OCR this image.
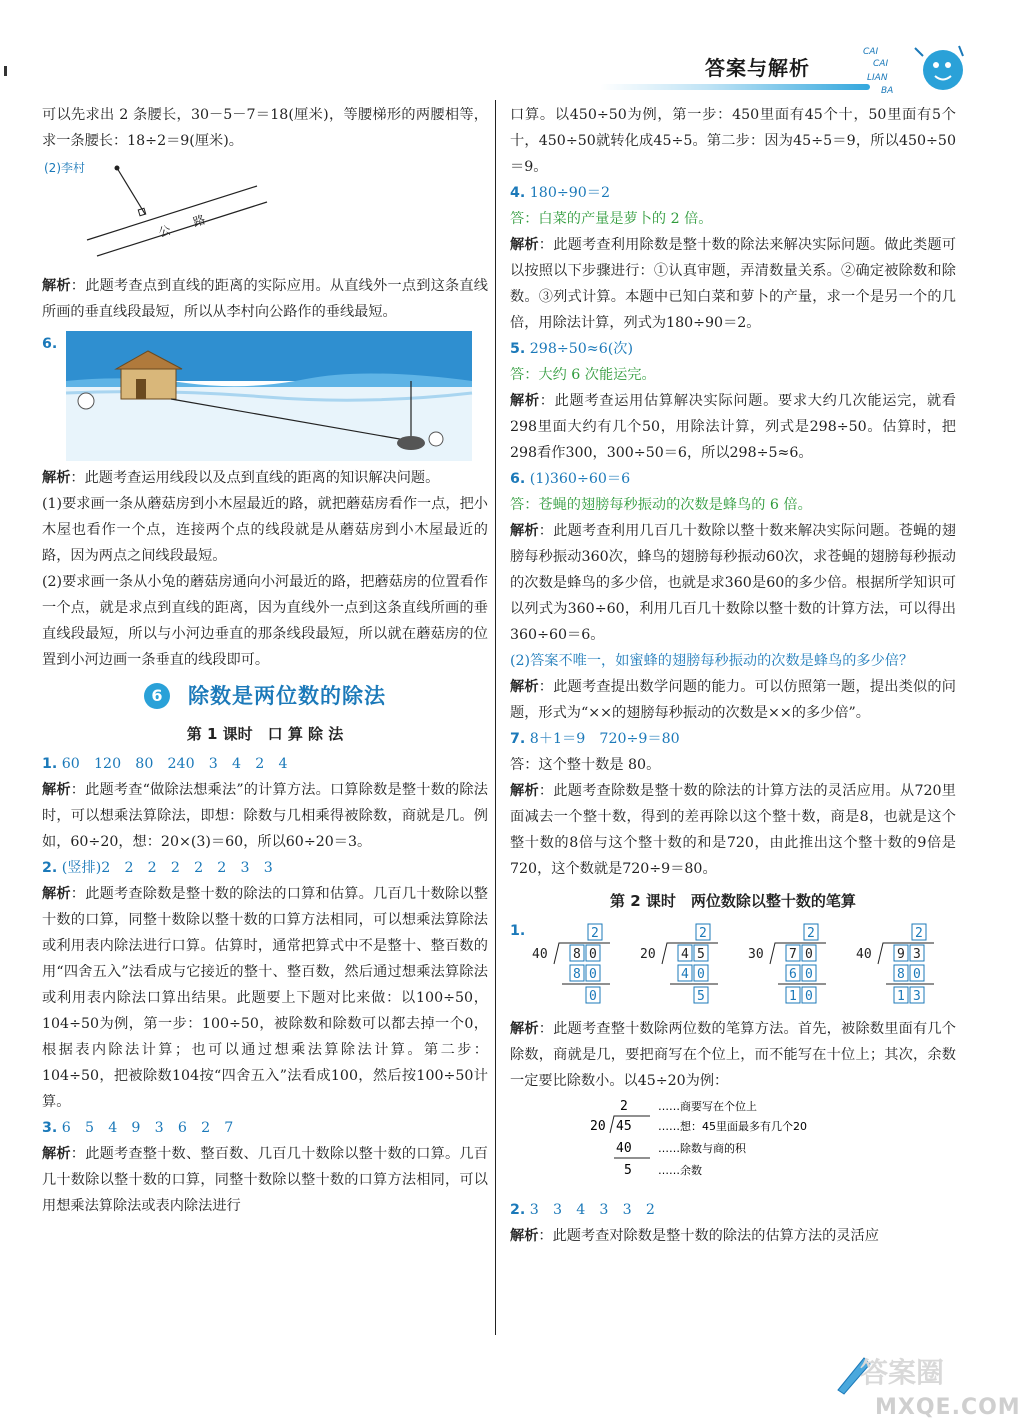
答案与解析
CAI
CAI
LIAN
BA

可以先求出 2 条腰长，30－5－7＝18(厘米)，等腰梯形的两腰相等，求一条腰长：18÷2＝9(厘米)。

(2)李村
公　　路

解析：此题考查点到直线的距离的实际应用。从直线外一点到这条直线所画的垂直线段最短，所以从李村向公路作的垂线最短。

6.

解析：此题考查运用线段以及点到直线的距离的知识解决问题。

(1)要求画一条从蘑菇房到小木屋最近的路，就把蘑菇房看作一点，把小木屋也看作一个点，连接两个点的线段就是从蘑菇房到小木屋最近的路，因为两点之间线段最短。

(2)要求画一条从小兔的蘑菇房通向小河最近的路，把蘑菇房的位置看作一个点，就是求点到直线的距离，因为直线外一点到这条直线所画的垂直线段最短，所以与小河边垂直的那条线段最短，所以就在蘑菇房的位置到小河边画一条垂直的线段即可。

6 除数是两位数的除法
第 1 课时　口 算 除 法

1. 60　120　80　240　3　4　2　4

解析：此题考查“做除法想乘法”的计算方法。口算除数是整十数的除法时，可以想乘法算除法，即想：除数与几相乘得被除数，商就是几。例如，60÷20，想：20×(3)＝60，所以60÷20＝3。

2. (竖排)2　2　2　2　2　2　3　3

解析：此题考查除数是整十数的除法的口算和估算。几百几十数除以整十数的口算，同整十数除以整十数的口算方法相同，可以想乘法算除法或利用表内除法进行口算。估算时，通常把算式中不是整十、整百数的用“四舍五入”法看成与它接近的整十、整百数，然后通过想乘法算除法或利用表内除法口算出结果。此题要上下题对比来做：以100÷50，104÷50为例，第一步：100÷50，被除数和除数可以都去掉一个0，根据表内除法计算；也可以通过想乘法算除法计算。第二步：104÷50，把被除数104按“四舍五入”法看成100，然后按100÷50计算。

3. 6　5　4　9　3　6　2　7

解析：此题考查整十数、整百数、几百几十数除以整十数的口算。几百几十数除以整十数的口算，同整十数除以整十数的口算方法相同，可以用想乘法算除法或表内除法进行

口算。以450÷50为例，第一步：450里面有45个十，50里面有5个十，450÷50就转化成45÷5。第二步：因为45÷5＝9，所以450÷50＝9。

4. 180÷90＝2

答：白菜的产量是萝卜的 2 倍。

解析：此题考查利用除数是整十数的除法来解决实际问题。做此类题可以按照以下步骤进行：①认真审题，弄清数量关系。②确定被除数和除数。③列式计算。本题中已知白菜和萝卜的产量，求一个是另一个的几倍，用除法计算，列式为180÷90＝2。

5. 298÷50≈6(次)

答：大约 6 次能运完。

解析：此题考查运用估算解决实际问题。要求大约几次能运完，就看298里面大约有几个50，用除法计算，列式是298÷50。估算时，把298看作300，300÷50＝6，所以298÷5≈6。

6. (1)360÷60＝6

答：苍蝇的翅膀每秒振动的次数是蜂鸟的 6 倍。

解析：此题考查利用几百几十数除以整十数来解决实际问题。苍蝇的翅膀每秒振动360次，蜂鸟的翅膀每秒振动60次，求苍蝇的翅膀每秒振动的次数是蜂鸟的多少倍，也就是求360是60的多少倍。根据所学知识可以列式为360÷60，利用几百几十数除以整十数的计算方法，可以得出360÷60＝6。

(2)答案不唯一，如蜜蜂的翅膀每秒振动的次数是蜂鸟的多少倍？

解析：此题考查提出数学问题的能力。可以仿照第一题，提出类似的问题，形式为“××的翅膀每秒振动的次数是××的多少倍”。

7. 8＋1＝9　720÷9＝80

答：这个整十数是 80。

解析：此题考查除数是整十数的除法的计算方法的灵活应用。从720里面减去一个整十数，得到的差再除以这个整十数，商是8，也就是这个整十数的8倍与这个整十数的和是720，由此推出这个整十数的9倍是720，这个数就是720÷9＝80。

第 2 课时　两位数除以整十数的笔算
1.	2
40 8 0
8 0
0
2
20 4 5
4 0
5
2
30 7 0
6 0
1 0
2
40 9 3
8 0
1 3

解析：此题考查整十数除两位数的笔算方法。首先，被除数里面有几个除数，商就是几，要把商写在个位上，而不能写在十位上；其次，余数一定要比除数小。以45÷20为例：

2	……商要写在个位上
20 45 ……想：45里面最多有几个20
40 ……除数与商的积
5 ……余数

2. 3　3　4　3　3　2

解析：此题考查对除数是整十数的除法的估算方法的灵活应

答案圈
MXQE.COM
